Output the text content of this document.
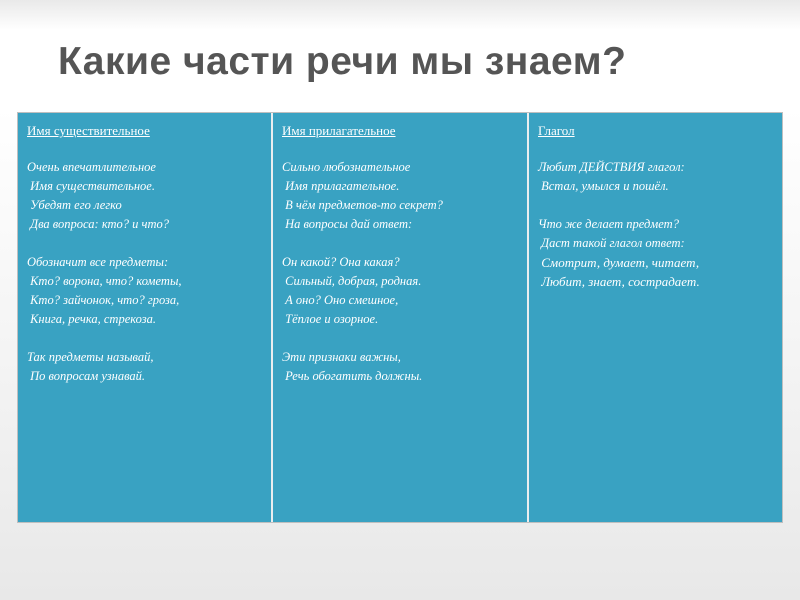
Какие части речи мы знаем?
Имя существительное
Очень впечатлительное
Имя существительное.
Убедят его легко
Два вопроса: кто? и что?
Обозначит все предметы:
Кто? ворона, что? кометы,
Кто? зайчонок, что? гроза,
Книга, речка, стрекоза.
Так предметы называй,
По вопросам узнавай.
Имя прилагательное
Сильно любознательное
Имя прилагательное.
В чём предметов-то секрет?
На вопросы дай ответ:
Он какой? Она какая?
Сильный, добрая, родная.
А оно? Оно смешное,
Тёплое и озорное.
Эти признаки важны,
Речь обогатить должны.
Глагол
Любит ДЕЙСТВИЯ глагол:
Встал, умылся и пошёл.
Что же делает предмет?
Даст такой глагол ответ:
Смотрит, думает, читает,
Любит, знает, сострадает.
